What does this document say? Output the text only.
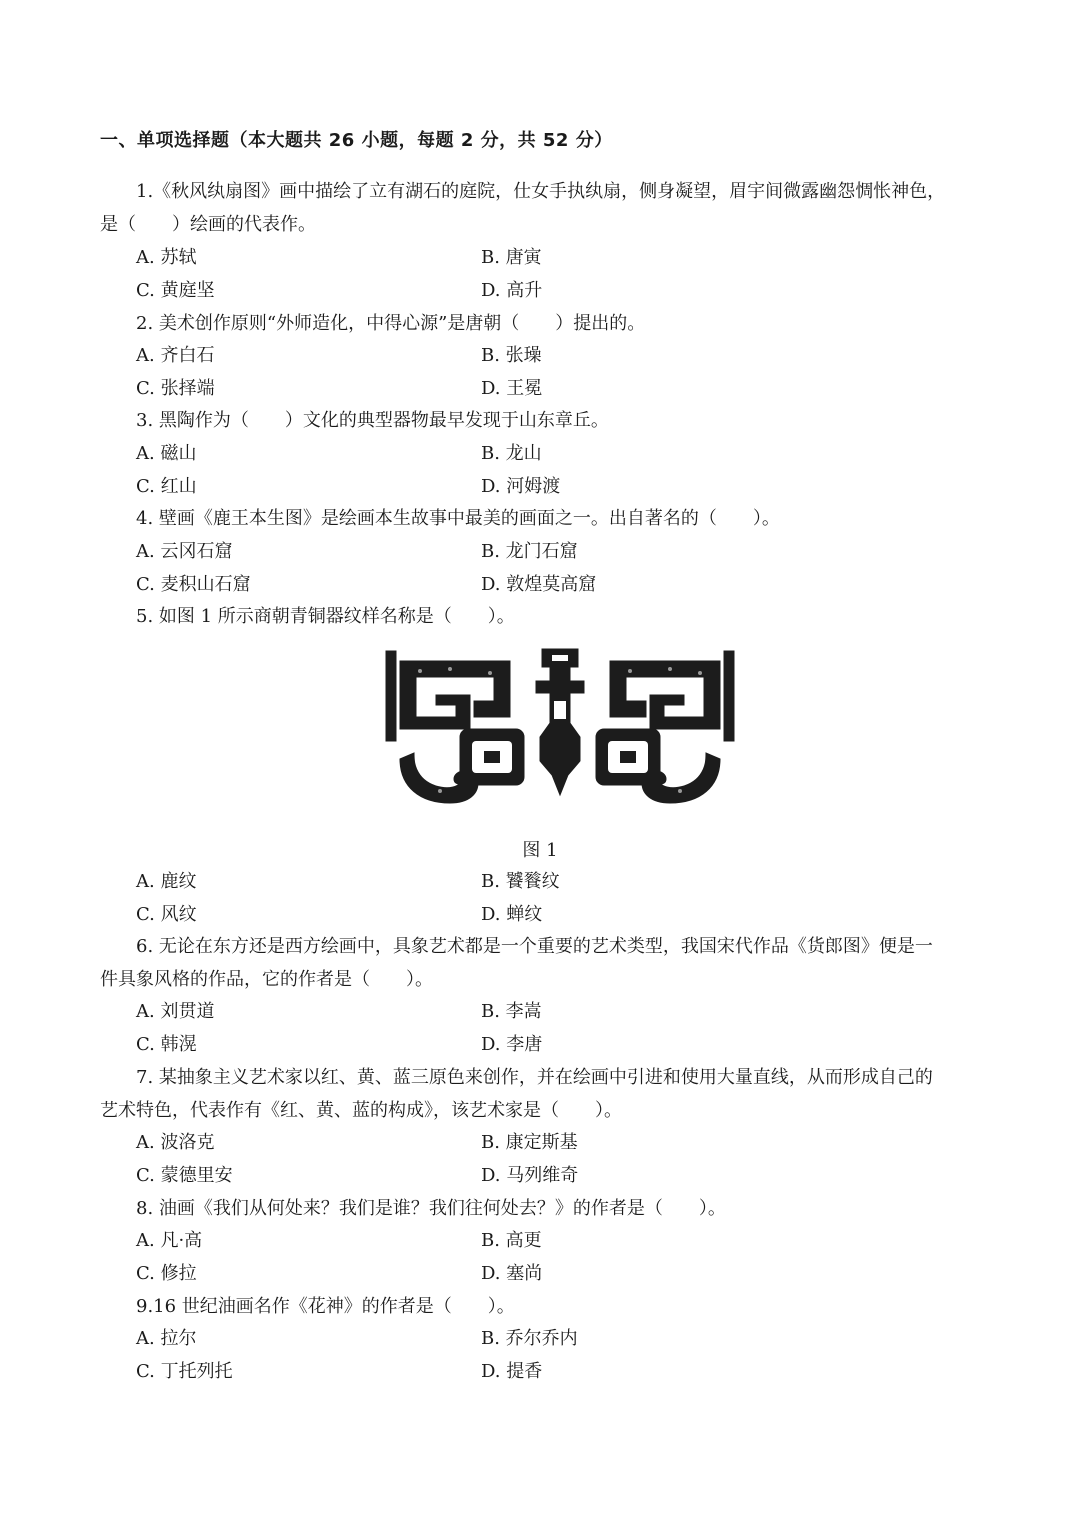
一、单项选择题（本大题共 26 小题，每题 2 分，共 52 分）
1.《秋风纨扇图》画中描绘了立有湖石的庭院，仕女手执纨扇，侧身凝望，眉宇间微露幽怨惆怅神色，
是（　　）绘画的代表作。
A. 苏轼	B. 唐寅
C. 黄庭坚	D. 高升
2. 美术创作原则“外师造化，中得心源”是唐朝（　　）提出的。
A. 齐白石	B. 张璪
C. 张择端	D. 王冕
3. 黑陶作为（　　）文化的典型器物最早发现于山东章丘。
A. 磁山	B. 龙山
C. 红山	D. 河姆渡
4. 壁画《鹿王本生图》是绘画本生故事中最美的画面之一。出自著名的（　　）。
A. 云冈石窟	B. 龙门石窟
C. 麦积山石窟	D. 敦煌莫高窟
5. 如图 1 所示商朝青铜器纹样名称是（　　）。
图 1
A. 鹿纹	B. 饕餮纹
C. 风纹	D. 蝉纹
6. 无论在东方还是西方绘画中，具象艺术都是一个重要的艺术类型，我国宋代作品《货郎图》便是一
件具象风格的作品，它的作者是（　　）。
A. 刘贯道	B. 李嵩
C. 韩滉	D. 李唐
7. 某抽象主义艺术家以红、黄、蓝三原色来创作，并在绘画中引进和使用大量直线，从而形成自己的
艺术特色，代表作有《红、黄、蓝的构成》，该艺术家是（　　）。
A. 波洛克	B. 康定斯基
C. 蒙德里安	D. 马列维奇
8. 油画《我们从何处来？我们是谁？我们往何处去？》的作者是（　　）。
A. 凡·高	B. 高更
C. 修拉	D. 塞尚
9.16 世纪油画名作《花神》的作者是（　　）。
A. 拉尔	B. 乔尔乔内
C. 丁托列托	D. 提香
